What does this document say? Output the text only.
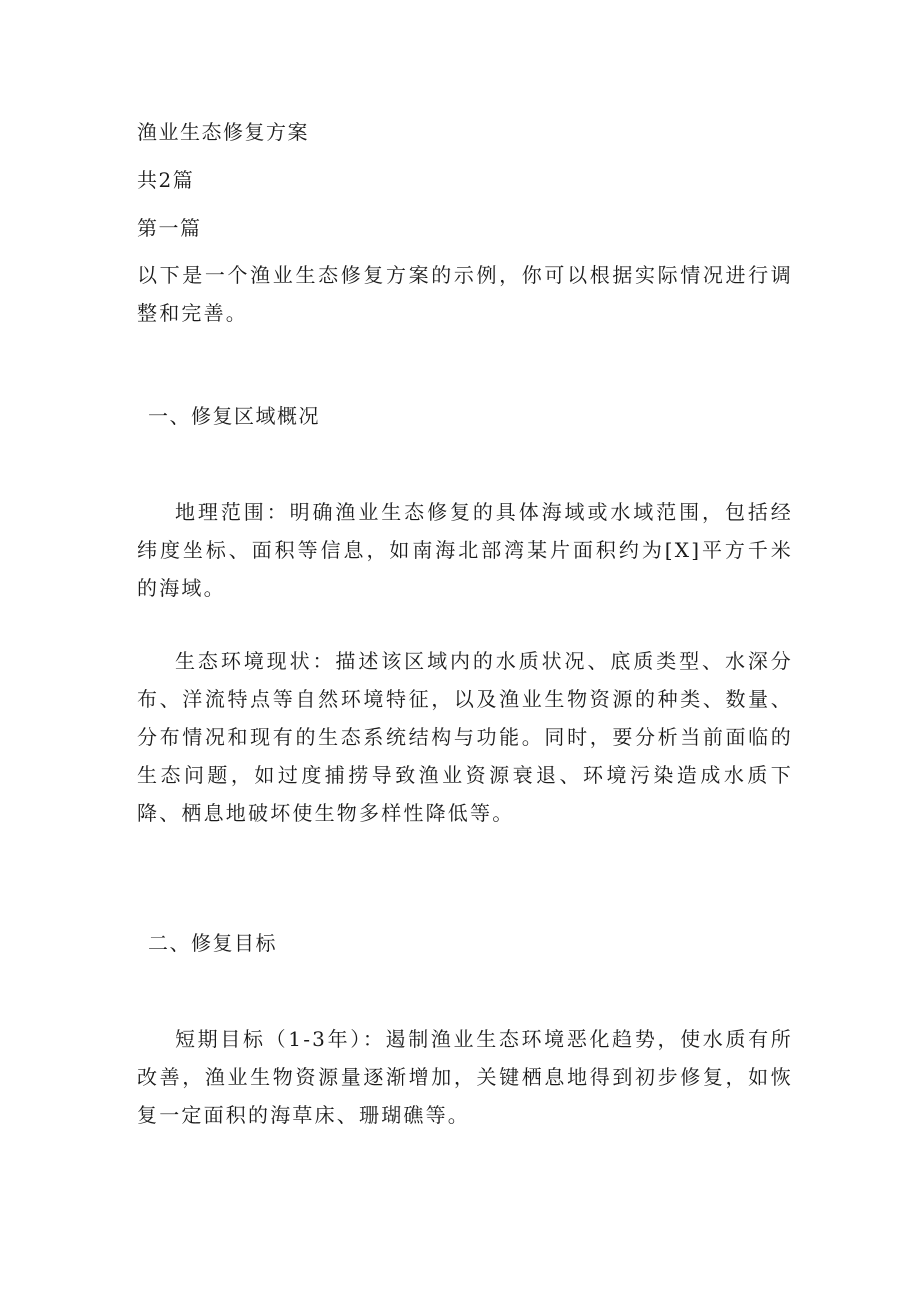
渔业生态修复方案
共2篇
第一篇
以下是一个渔业生态修复方案的示例，你可以根据实际情况进行调整和完善。
一、修复区域概况
地理范围：明确渔业生态修复的具体海域或水域范围，包括经纬度坐标、面积等信息，如南海北部湾某片面积约为[X]平方千米的海域。
生态环境现状：描述该区域内的水质状况、底质类型、水深分布、洋流特点等自然环境特征，以及渔业生物资源的种类、数量、分布情况和现有的生态系统结构与功能。同时，要分析当前面临的生态问题，如过度捕捞导致渔业资源衰退、环境污染造成水质下降、栖息地破坏使生物多样性降低等。
二、修复目标
短期目标（1-3年）：遏制渔业生态环境恶化趋势，使水质有所改善，渔业生物资源量逐渐增加，关键栖息地得到初步修复，如恢复一定面积的海草床、珊瑚礁等。
